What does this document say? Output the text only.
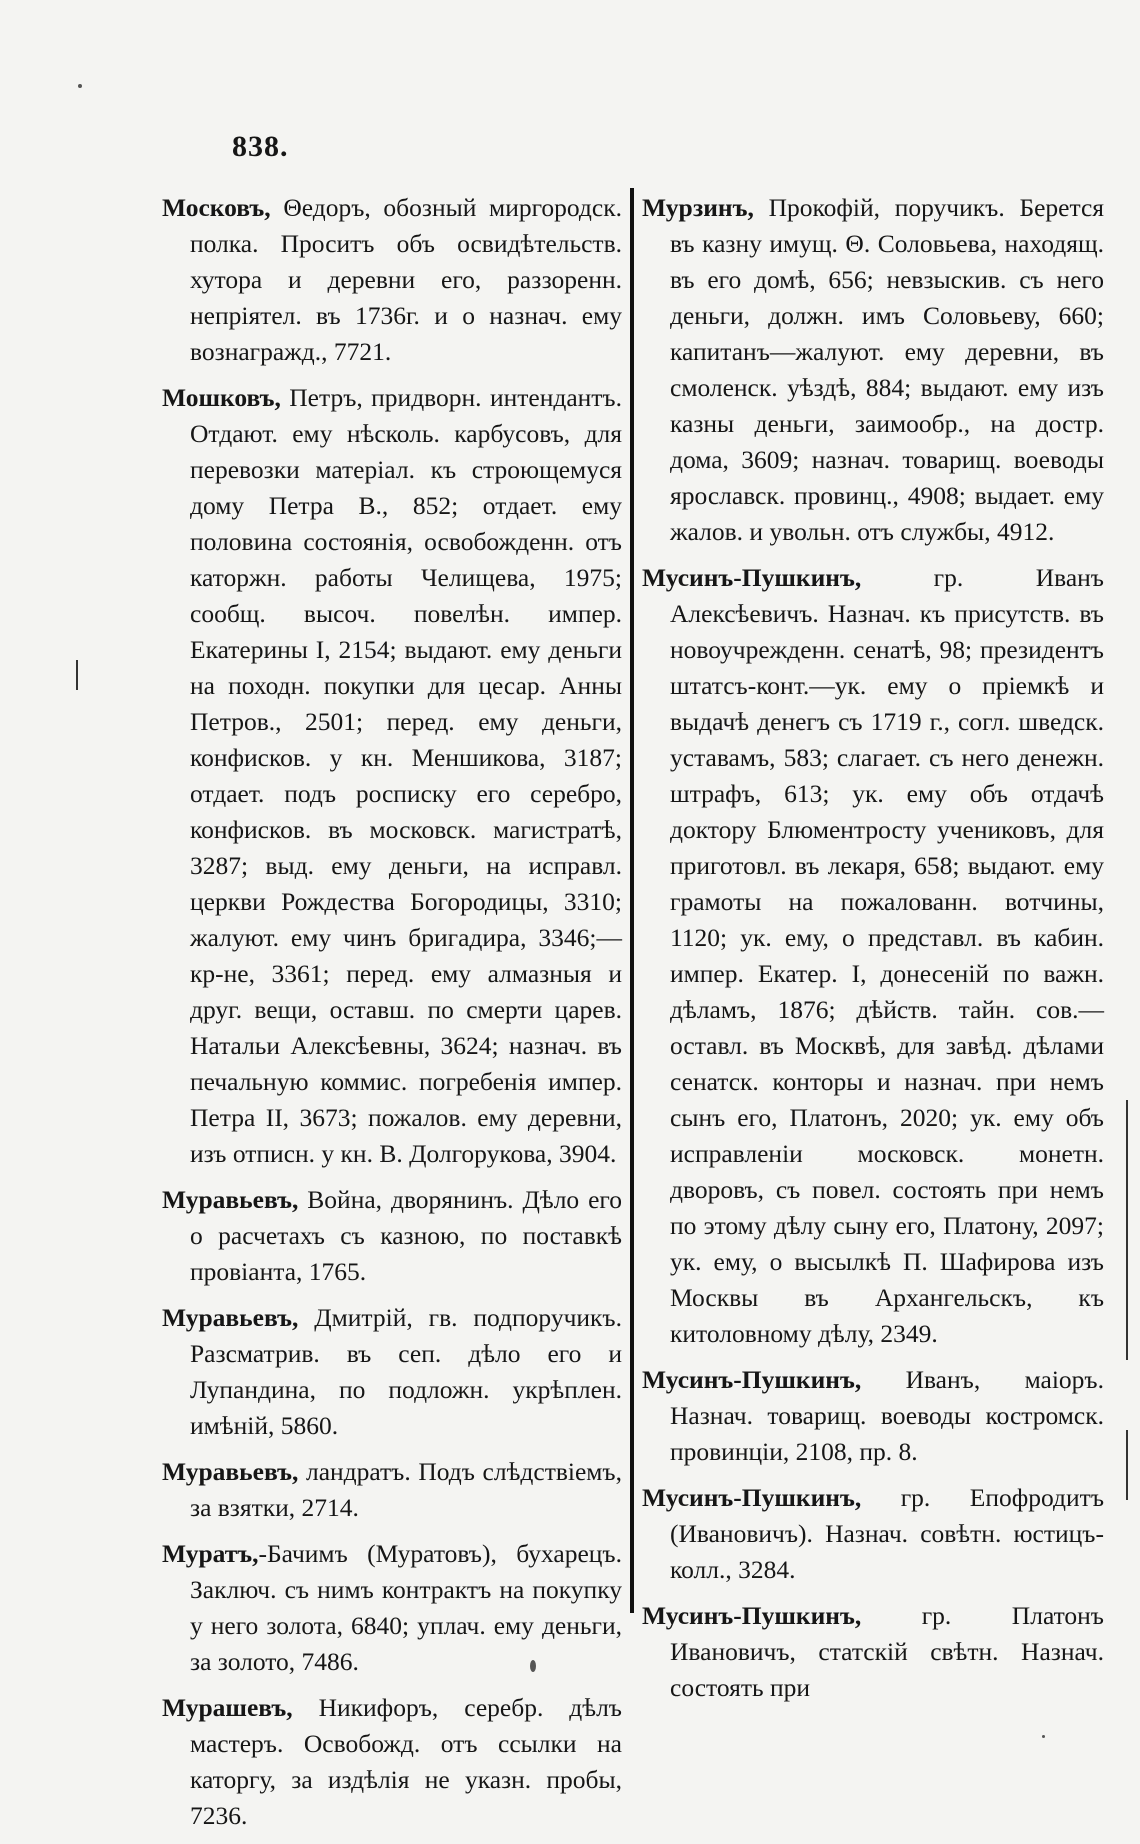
838.

Московъ, Θедоръ, обозный миргородск. полка. Проситъ объ освидѣтельств. хутора и деревни его, раззоренн. непріятел. въ 1736г. и о назнач. ему вознагражд., 7721.

Мошковъ, Петръ, придворн. интендантъ. Отдают. ему нѣсколь. карбусовъ, для перевозки матеріал. къ строющемуся дому Петра В., 852; отдает. ему половина состоянія, освобожденн. отъ каторжн. работы Челищева, 1975; сообщ. высоч. повелѣн. импер. Екатерины I, 2154; выдают. ему деньги на походн. покупки для цесар. Анны Петров., 2501; перед. ему деньги, конфисков. у кн. Меншикова, 3187; отдает. подъ росписку его серебро, конфисков. въ московск. магистратѣ, 3287; выд. ему деньги, на исправл. церкви Рождества Богородицы, 3310; жалуют. ему чинъ бригадира, 3346;—кр-не, 3361; перед. ему алмазныя и друг. вещи, оставш. по смерти царев. Натальи Алексѣевны, 3624; назнач. въ печальную коммис. погребенія импер. Петра II, 3673; пожалов. ему деревни, изъ отписн. у кн. В. Долгорукова, 3904.

Муравьевъ, Война, дворянинъ. Дѣло его о расчетахъ съ казною, по поставкѣ провіанта, 1765.

Муравьевъ, Дмитрій, гв. подпоручикъ. Разсматрив. въ сеп. дѣло его и Лупандина, по подложн. укрѣплен. имѣній, 5860.

Муравьевъ, ландратъ. Подъ слѣдствіемъ, за взятки, 2714.

Муратъ,-Бачимъ (Муратовъ), бухарецъ. Заключ. съ нимъ контрактъ на покупку у него золота, 6840; уплач. ему деньги, за золото, 7486.

Мурашевъ, Никифоръ, серебр. дѣлъ мастеръ. Освобожд. отъ ссылки на каторгу, за издѣлія не указн. пробы, 7236.

Мурзинъ, Прокофій, поручикъ. Берется въ казну имущ. Θ. Соловьева, находящ. въ его домѣ, 656; невзыскив. съ него деньги, должн. имъ Соловьеву, 660; капитанъ—жалуют. ему деревни, въ смоленск. уѣздѣ, 884; выдают. ему изъ казны деньги, заимообр., на достр. дома, 3609; назнач. товарищ. воеводы ярославск. провинц., 4908; выдает. ему жалов. и увольн. отъ службы, 4912.

Мусинъ-Пушкинъ, гр. Иванъ Алексѣевичъ. Назнач. къ присутств. въ новоучрежденн. сенатѣ, 98; президентъ штатсъ-конт.—ук. ему о пріемкѣ и выдачѣ денегъ съ 1719 г., согл. шведск. уставамъ, 583; слагает. съ него денежн. штрафъ, 613; ук. ему объ отдачѣ доктору Блюментросту учениковъ, для приготовл. въ лекаря, 658; выдают. ему грамоты на пожалованн. вотчины, 1120; ук. ему, о представл. въ кабин. импер. Екатер. I, донесеній по важн. дѣламъ, 1876; дѣйств. тайн. сов.—оставл. въ Москвѣ, для завѣд. дѣлами сенатск. конторы и назнач. при немъ сынъ его, Платонъ, 2020; ук. ему объ исправленіи московск. монетн. дворовъ, съ повел. состоять при немъ по этому дѣлу сыну его, Платону, 2097; ук. ему, о высылкѣ П. Шафирова изъ Москвы въ Архангельскъ, къ китоловному дѣлу, 2349.

Мусинъ-Пушкинъ, Иванъ, маіоръ. Назнач. товарищ. воеводы костромск. провинціи, 2108, пр. 8.

Мусинъ-Пушкинъ, гр. Епофродитъ (Ивановичъ). Назнач. совѣтн. юстицъ-колл., 3284.

Мусинъ-Пушкинъ, гр. Платонъ Ивановичъ, статскій свѣтн. Назнач. состоять при
